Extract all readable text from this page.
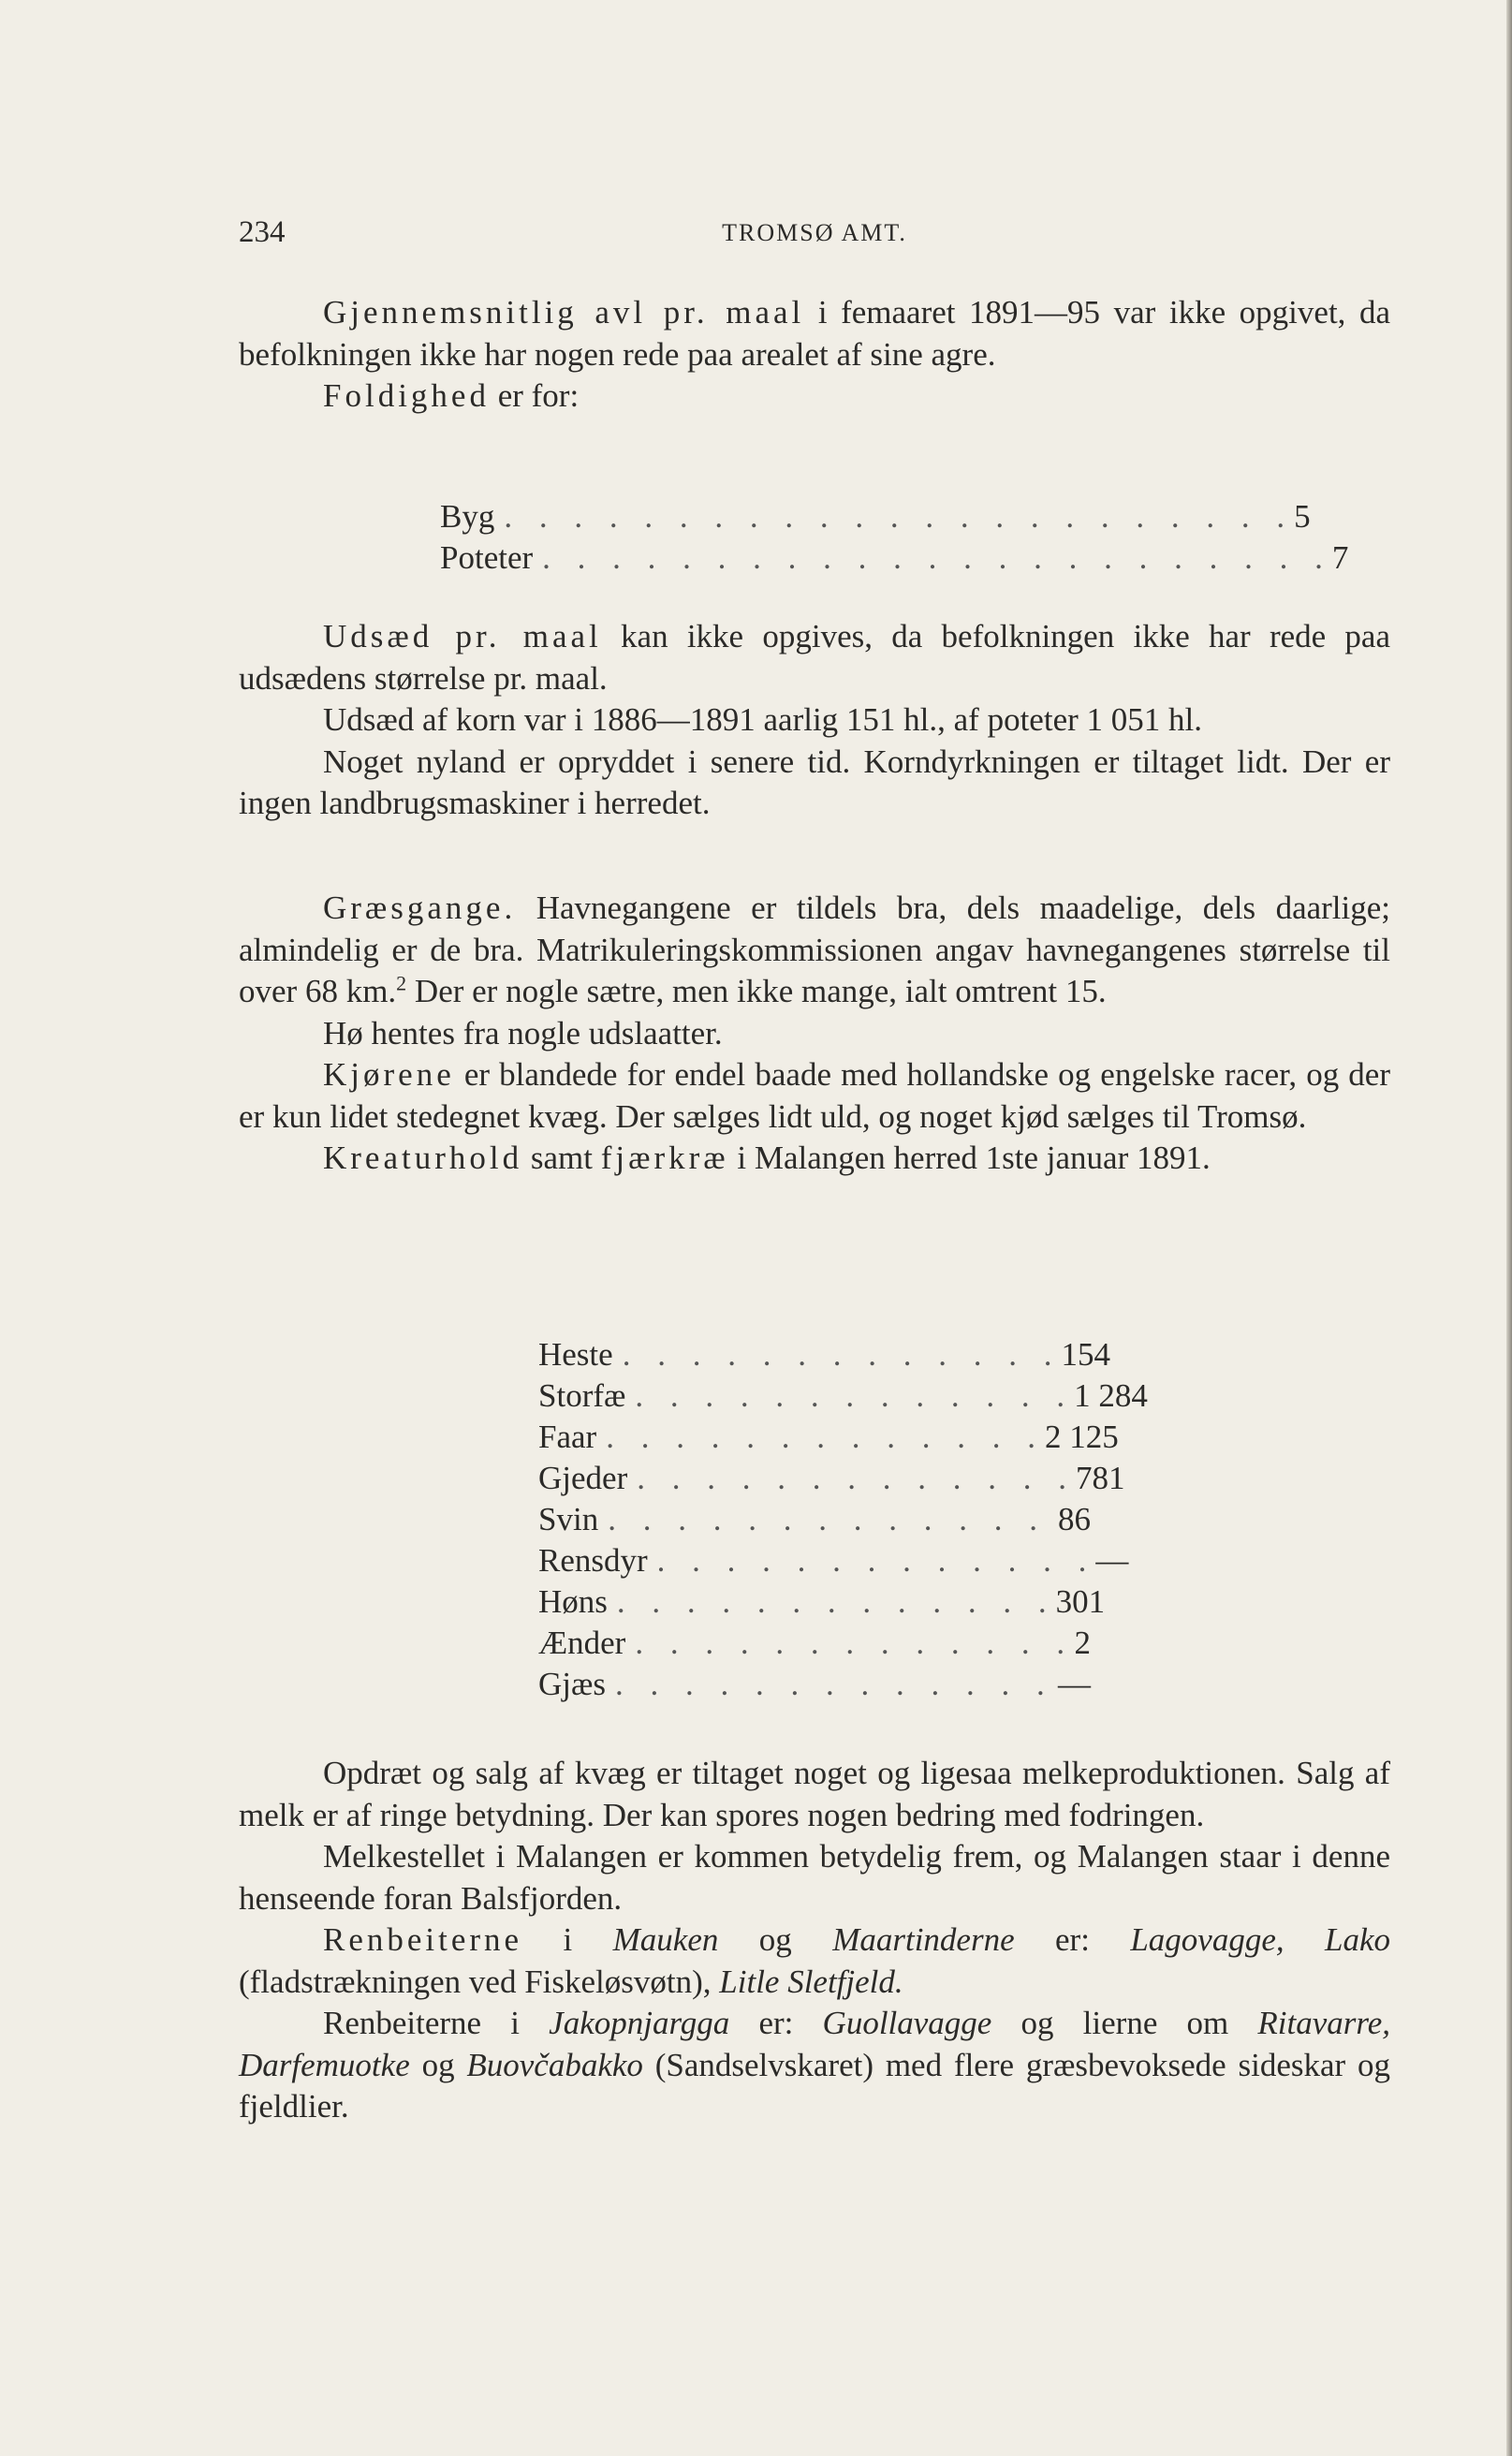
234	TROMSØ AMT.

Gjennemsnitlig avl pr. maal i femaaret 1891—95 var ikke opgivet, da befolkningen ikke har nogen rede paa arealet af sine agre.

Foldighed er for:

Byg . . . . . . . . . . . . . . . . . . . . . . . 5
Poteter . . . . . . . . . . . . . . . . . . . . . . . 7

Udsæd pr. maal kan ikke opgives, da befolkningen ikke har rede paa udsædens størrelse pr. maal.

Udsæd af korn var i 1886—1891 aarlig 151 hl., af poteter 1 051 hl.

Noget nyland er opryddet i senere tid. Korndyrkningen er tiltaget lidt. Der er ingen landbrugsmaskiner i herredet.

Græsgange. Havnegangene er tildels bra, dels maadelige, dels daarlige; almindelig er de bra. Matrikuleringskommissionen angav havnegangenes størrelse til over 68 km.$^2$ Der er nogle sætre, men ikke mange, ialt omtrent 15.

Hø hentes fra nogle udslaatter.

Kjørene er blandede for endel baade med hollandske og engelske racer, og der er kun lidet stedegnet kvæg. Der sælges lidt uld, og noget kjød sælges til Tromsø.

Kreaturhold samt fjærkræ i Malangen herred 1ste januar 1891.

Heste . . . . . . . . . . . . . 154
Storfæ . . . . . . . . . . . . . 1 284
Faar . . . . . . . . . . . . . 2 125
Gjeder . . . . . . . . . . . . . 781
Svin . . . . . . . . . . . . . 86
Rensdyr . . . . . . . . . . . . . —
Høns . . . . . . . . . . . . . 301
Ænder . . . . . . . . . . . . . 2
Gjæs . . . . . . . . . . . . . —

Opdræt og salg af kvæg er tiltaget noget og ligesaa melkeproduktionen. Salg af melk er af ringe betydning. Der kan spores nogen bedring med fodringen.

Melkestellet i Malangen er kommen betydelig frem, og Malangen staar i denne henseende foran Balsfjorden.

Renbeiterne i Mauken og Maartinderne er: Lagovagge, Lako (fladstrækningen ved Fiskeløsvøtn), Litle Sletfjeld.

Renbeiterne i Jakopnjargga er: Guollavagge og lierne om Ritavarre, Darfemuotke og Buovčabakko (Sandselvskaret) med flere græsbevoksede sideskar og fjeldlier.
